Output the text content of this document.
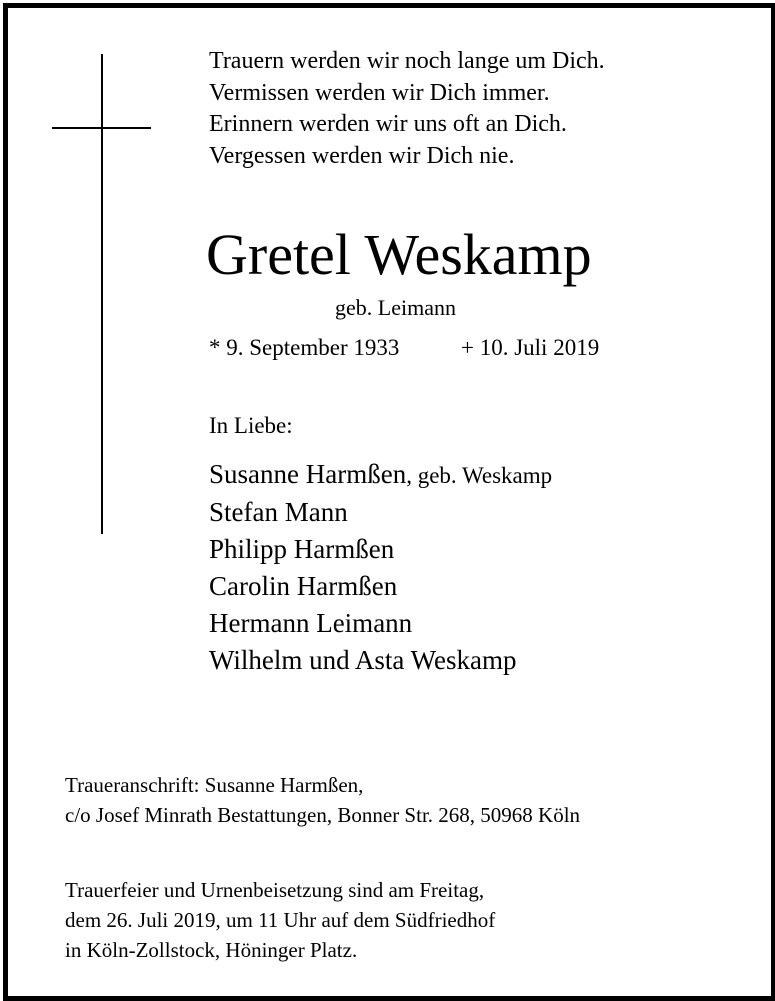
Trauern werden wir noch lange um Dich.
Vermissen werden wir Dich immer.
Erinnern werden wir uns oft an Dich.
Vergessen werden wir Dich nie.
Gretel Weskamp
geb. Leimann
* 9. September 1933	+ 10. Juli 2019
In Liebe:
Susanne Harmßen, geb. Weskamp
Stefan Mann
Philipp Harmßen
Carolin Harmßen
Hermann Leimann
Wilhelm und Asta Weskamp
Traueranschrift: Susanne Harmßen,
c/o Josef Minrath Bestattungen, Bonner Str. 268, 50968 Köln
Trauerfeier und Urnenbeisetzung sind am Freitag,
dem 26. Juli 2019, um 11 Uhr auf dem Südfriedhof
in Köln-Zollstock, Höninger Platz.
